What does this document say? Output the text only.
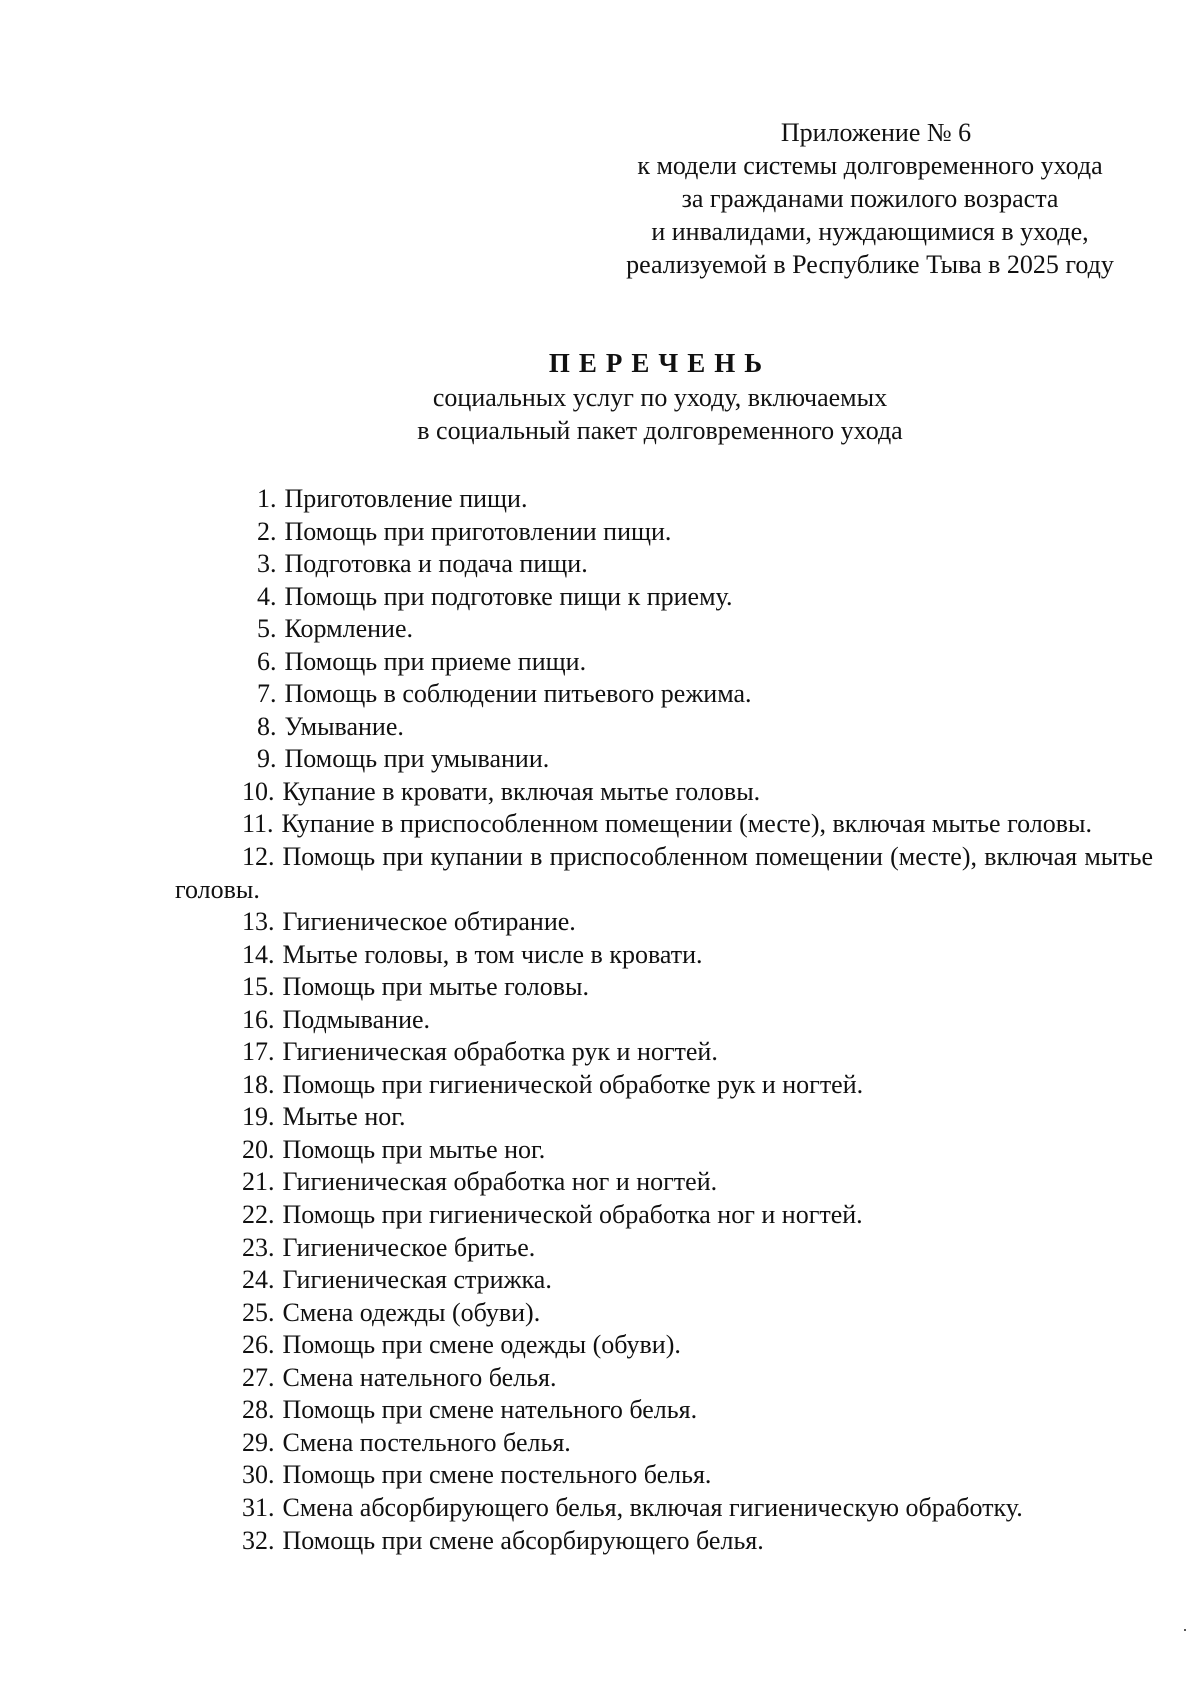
Приложение № 6
к модели системы долговременного ухода
за гражданами пожилого возраста
и инвалидами, нуждающимися в уходе,
реализуемой в Республике Тыва в 2025 году
ПЕРЕЧЕНЬ
социальных услуг по уходу, включаемых
в социальный пакет долговременного ухода
1. Приготовление пищи.
2. Помощь при приготовлении пищи.
3. Подготовка и подача пищи.
4. Помощь при подготовке пищи к приему.
5. Кормление.
6. Помощь при приеме пищи.
7. Помощь в соблюдении питьевого режима.
8. Умывание.
9. Помощь при умывании.
10. Купание в кровати, включая мытье головы.
11. Купание в приспособленном помещении (месте), включая мытье головы.
12. Помощь при купании в приспособленном помещении (месте), включая мытье головы.
13. Гигиеническое обтирание.
14. Мытье головы, в том числе в кровати.
15. Помощь при мытье головы.
16. Подмывание.
17. Гигиеническая обработка рук и ногтей.
18. Помощь при гигиенической обработке рук и ногтей.
19. Мытье ног.
20. Помощь при мытье ног.
21. Гигиеническая обработка ног и ногтей.
22. Помощь при гигиенической обработка ног и ногтей.
23. Гигиеническое бритье.
24. Гигиеническая стрижка.
25. Смена одежды (обуви).
26. Помощь при смене одежды (обуви).
27. Смена нательного белья.
28. Помощь при смене нательного белья.
29. Смена постельного белья.
30. Помощь при смене постельного белья.
31. Смена абсорбирующего белья, включая гигиеническую обработку.
32. Помощь при смене абсорбирующего белья.
